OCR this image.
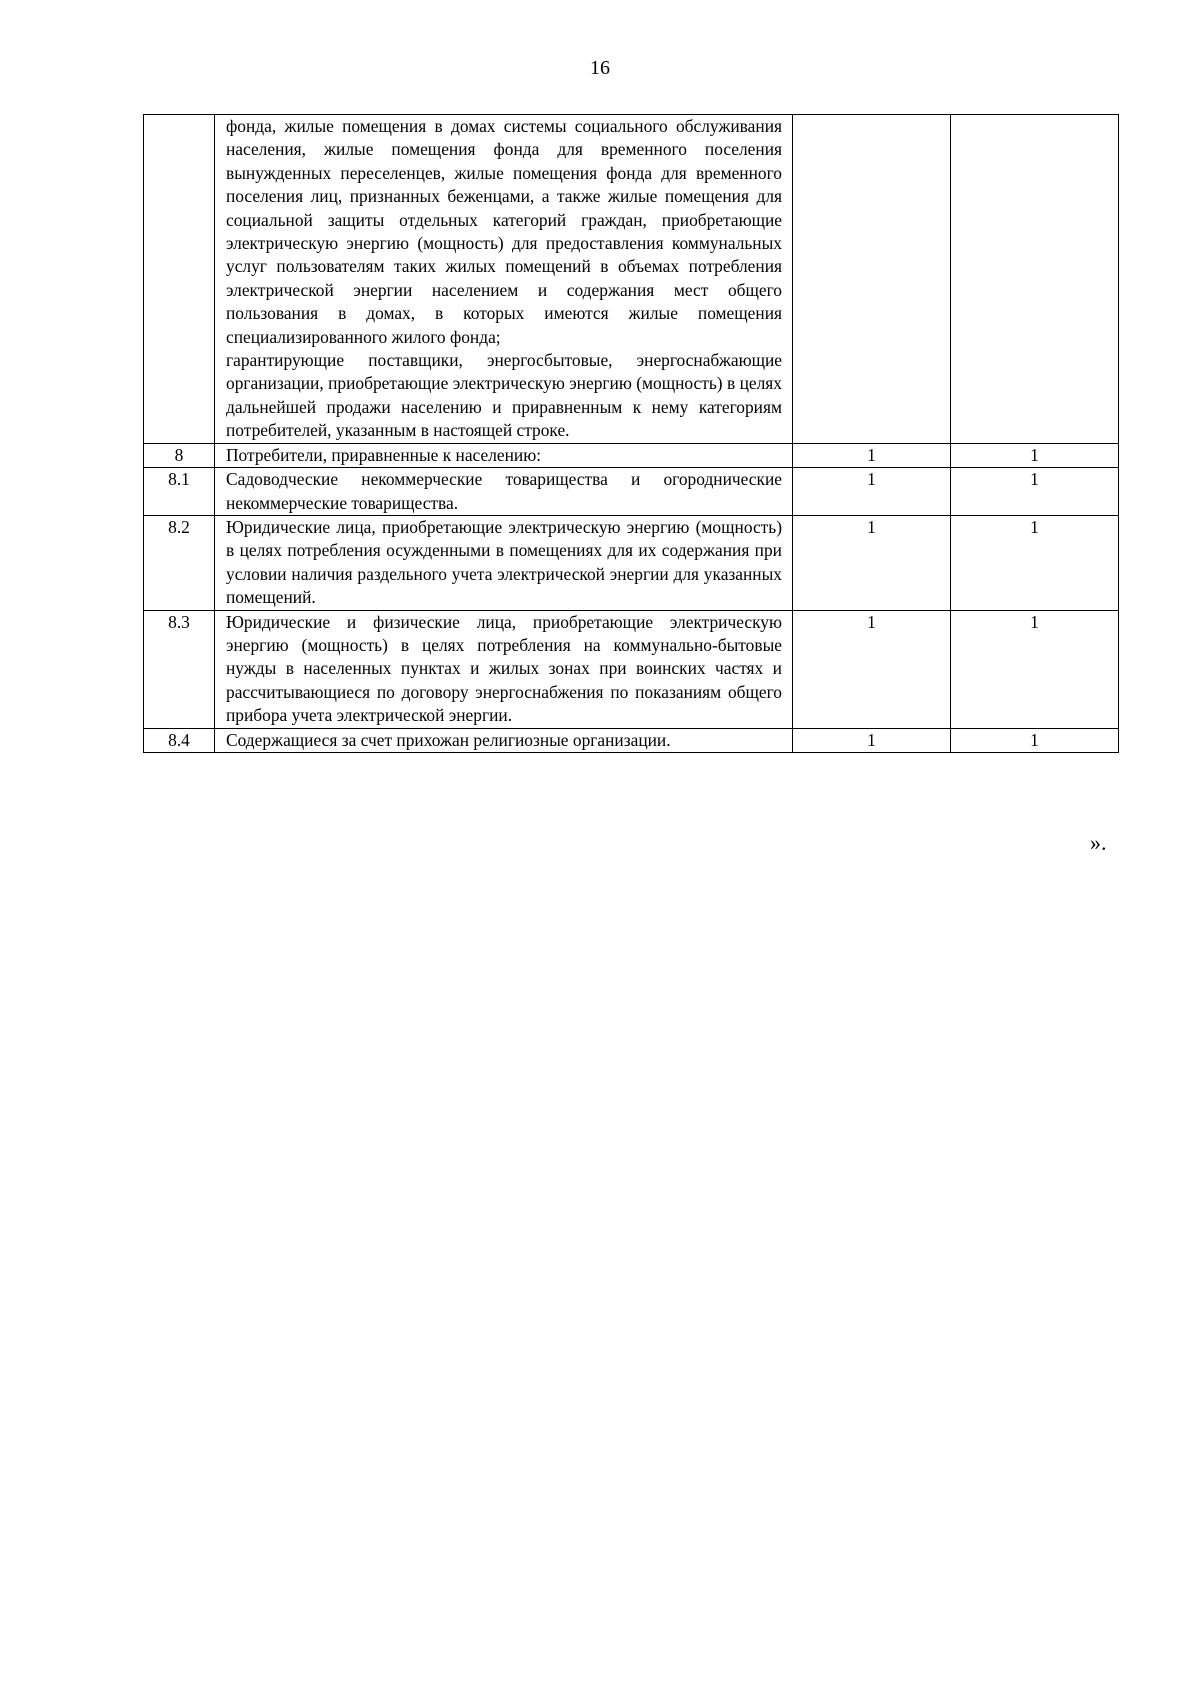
16

	фонда, жилые помещения в домах системы социального обслуживания населения, жилые помещения фонда для временного поселения вынужденных переселенцев, жилые помещения фонда для временного поселения лиц, признанных беженцами, а также жилые помещения для социальной защиты отдельных категорий граждан, приобретающие электрическую энергию (мощность) для предоставления коммунальных услуг пользователям таких жилых помещений в объемах потребления электрической энергии населением и содержания мест общего пользования в домах, в которых имеются жилые помещения специализированного жилого фонда;

гарантирующие поставщики, энергосбытовые, энергоснабжающие организации, приобретающие электрическую энергию (мощность) в целях дальнейшей продажи населению и приравненным к нему категориям потребителей, указанным в настоящей строке.		

8	Потребители, приравненные к населению:	1	1
8.1	Садоводческие некоммерческие товарищества и огороднические некоммерческие товарищества.	1	1
8.2	Юридические лица, приобретающие электрическую энергию (мощность) в целях потребления осужденными в помещениях для их содержания при условии наличия раздельного учета электрической энергии для указанных помещений.	1	1
8.3	Юридические и физические лица, приобретающие электрическую энергию (мощность) в целях потребления на коммунально-бытовые нужды в населенных пунктах и жилых зонах при воинских частях и рассчитывающиеся по договору энергоснабжения по показаниям общего прибора учета электрической энергии.	1	1
8.4	Содержащиеся за счет прихожан религиозные организации.	1	1
».
